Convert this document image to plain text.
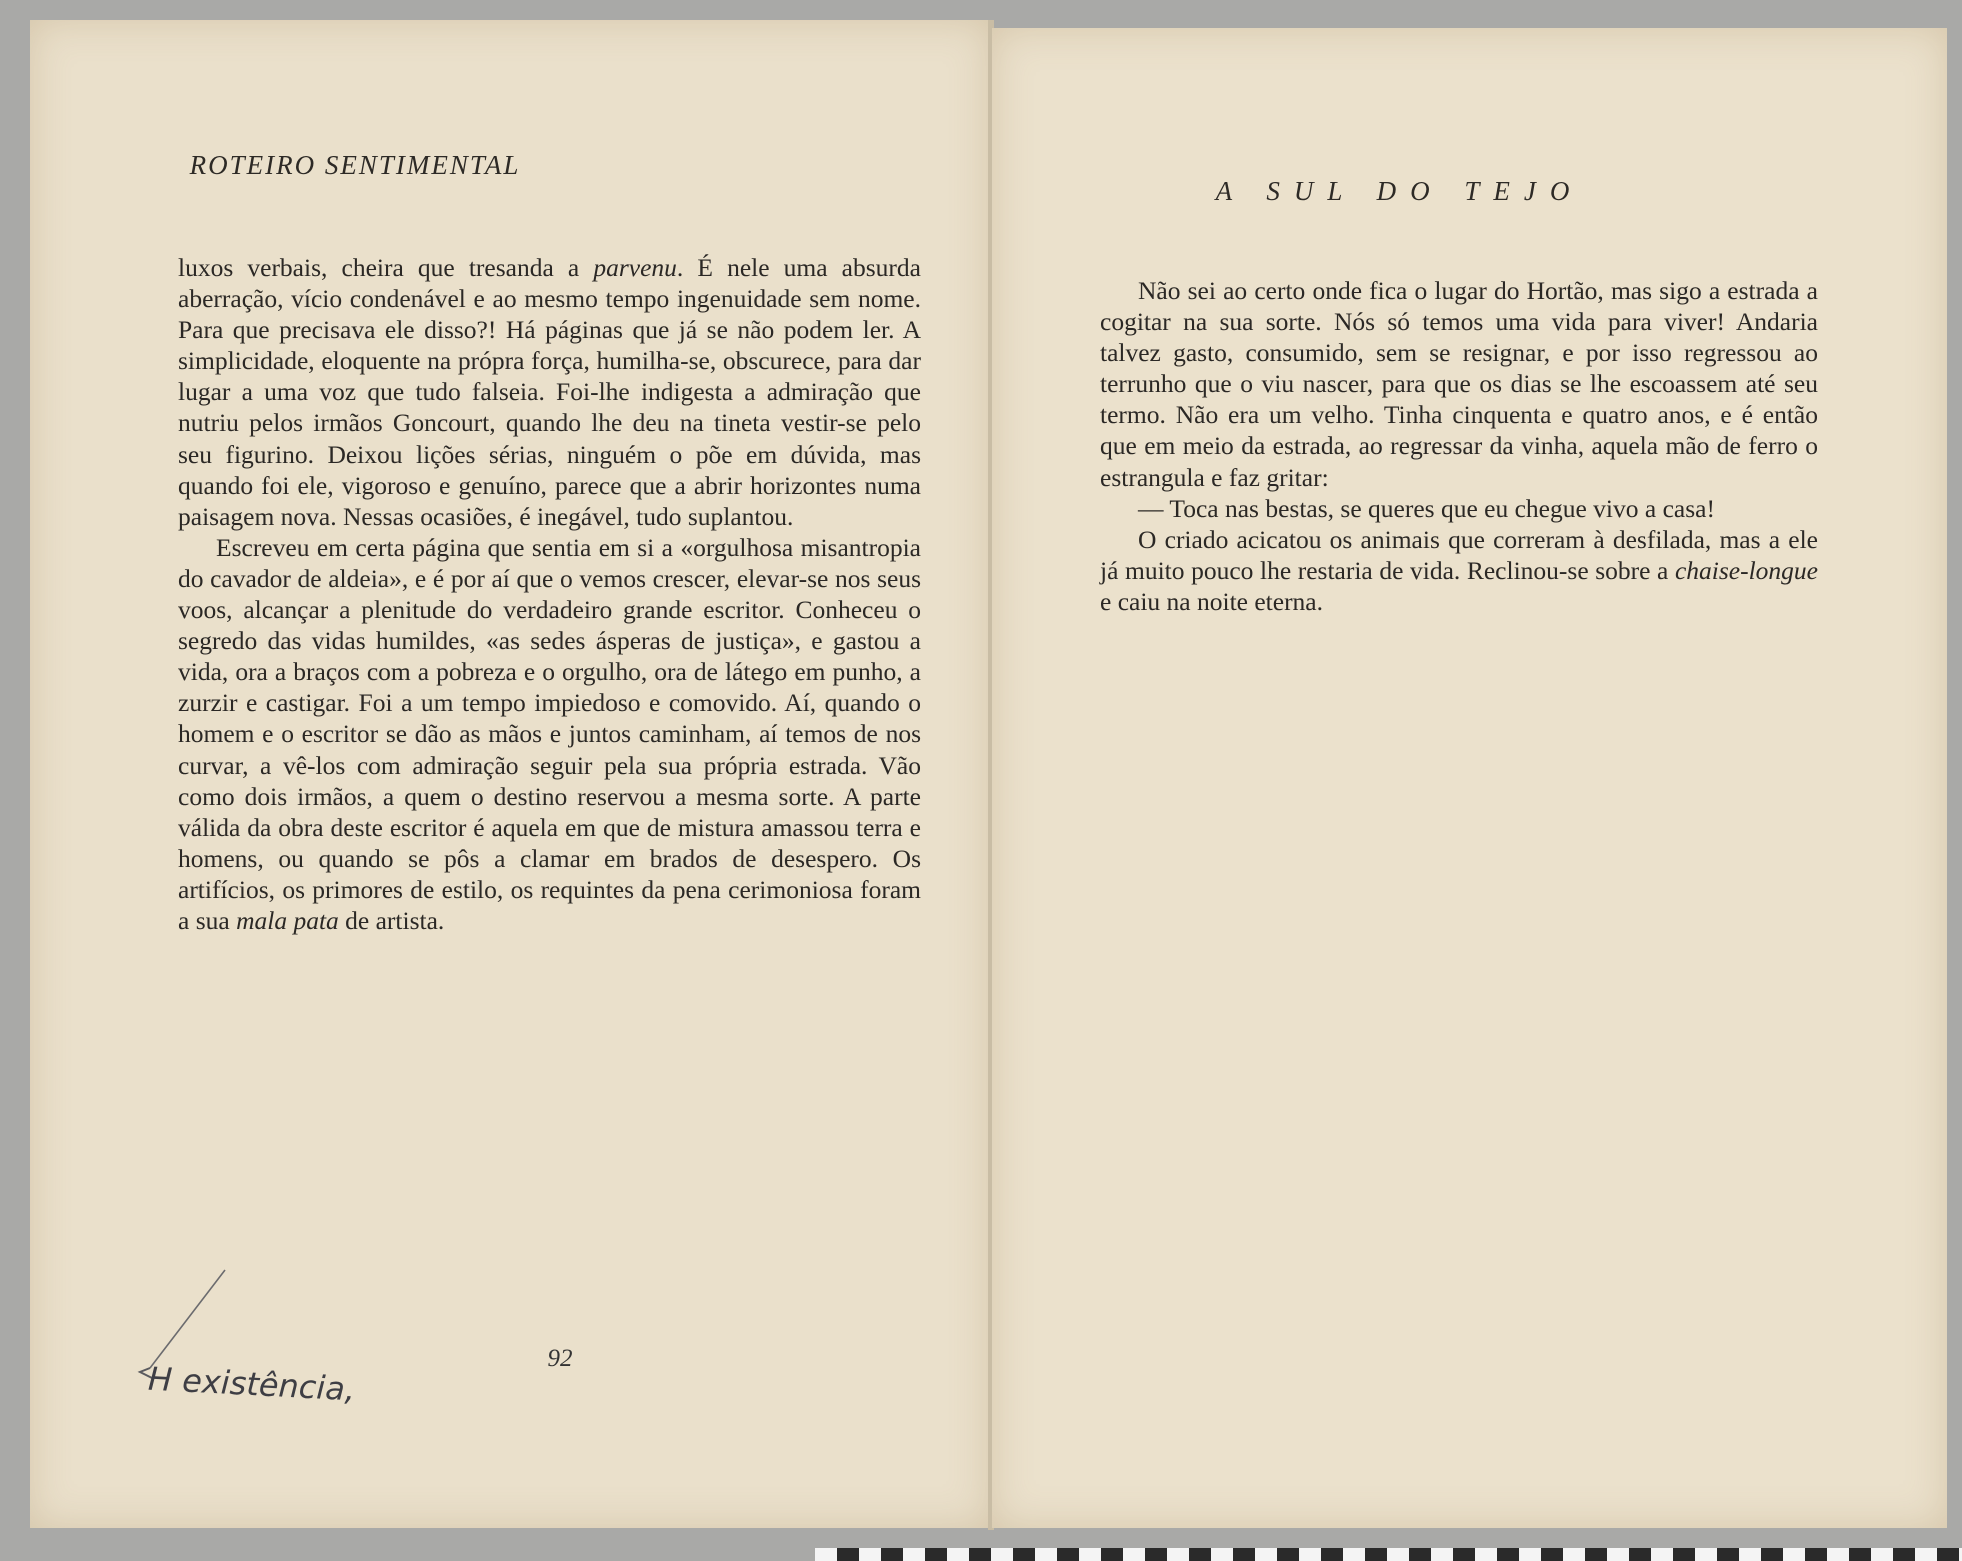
ROTEIRO SENTIMENTAL

luxos verbais, cheira que tresanda a parvenu. É nele uma absurda aberração, vício condenável e ao mesmo tempo ingenuidade sem nome. Para que precisava ele disso?! Há páginas que já se não podem ler. A simplicidade, eloquente na própra força, humilha-se, obscurece, para dar lugar a uma voz que tudo falseia. Foi-lhe indigesta a admiração que nutriu pelos irmãos Goncourt, quando lhe deu na tineta vestir-se pelo seu figurino. Deixou lições sérias, ninguém o põe em dúvida, mas quando foi ele, vigoroso e genuíno, parece que a abrir horizontes numa paisagem nova. Nessas ocasiões, é inegável, tudo suplantou.

Escreveu em certa página que sentia em si a «orgulhosa misantropia do cavador de aldeia», e é por aí que o vemos crescer, elevar-se nos seus voos, alcançar a plenitude do verdadeiro grande escritor. Conheceu o segredo das vidas humildes, «as sedes ásperas de justiça», e gastou a vida, ora a braços com a pobreza e o orgulho, ora de látego em punho, a zurzir e castigar. Foi a um tempo impiedoso e comovido. Aí, quando o homem e o escritor se dão as mãos e juntos caminham, aí temos de nos curvar, a vê-los com admiração seguir pela sua própria estrada. Vão como dois irmãos, a quem o destino reservou a mesma sorte. A parte válida da obra deste escritor é aquela em que de mistura amassou terra e homens, ou quando se pôs a clamar em brados de desespero. Os artifícios, os primores de estilo, os requintes da pena cerimoniosa foram a sua mala pata de artista.

92
H existência,
A SUL DO TEJO

Não sei ao certo onde fica o lugar do Hortão, mas sigo a estrada a cogitar na sua sorte. Nós só temos uma vida para viver! Andaria talvez gasto, consumido, sem se resignar, e por isso regressou ao terrunho que o viu nascer, para que os dias se lhe escoassem até seu termo. Não era um velho. Tinha cinquenta e quatro anos, e é então que em meio da estrada, ao regressar da vinha, aquela mão de ferro o estrangula e faz gritar:

— Toca nas bestas, se queres que eu chegue vivo a casa!

O criado acicatou os animais que correram à desfilada, mas a ele já muito pouco lhe restaria de vida. Reclinou-se sobre a chaise-longue e caiu na noite eterna.
